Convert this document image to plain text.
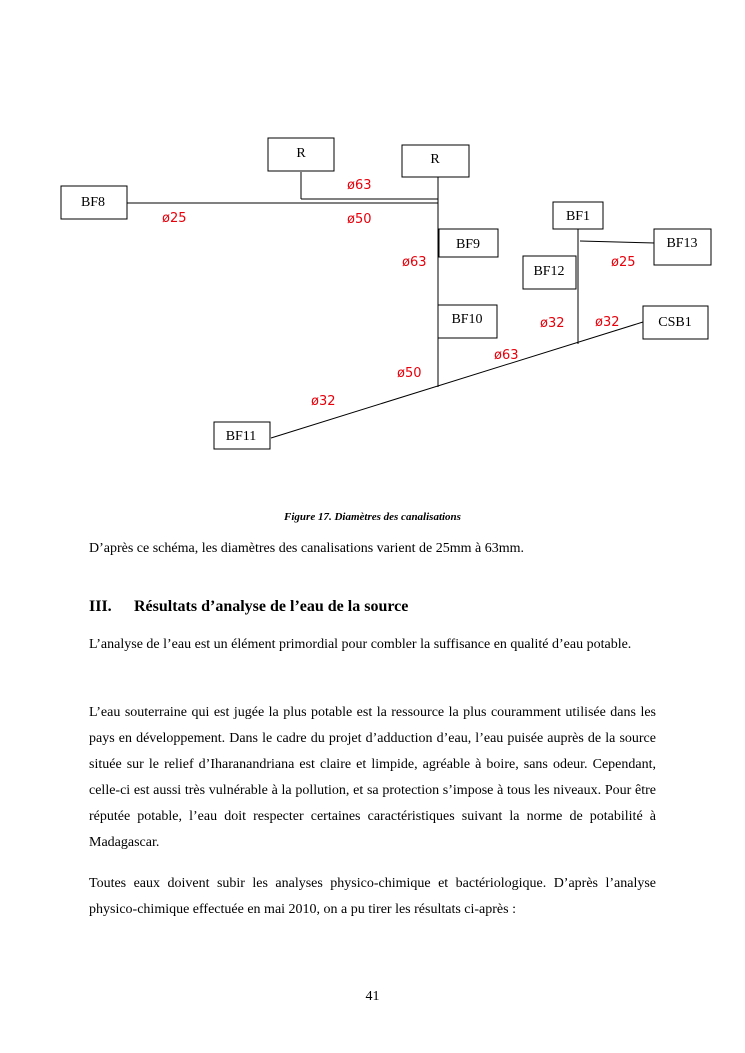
R	R
BF8
BF1
BF9	BF13
BF12
BF10	CSB1
BF11
ø63
ø25	ø50
ø63	ø25
ø32 ø32
ø63
ø50
ø32
Figure 17. Diamètres des canalisations
D’après ce schéma, les diamètres des canalisations varient de 25mm à 63mm.
III. Résultats d’analyse de l’eau de la source
L’analyse de l’eau est un élément primordial pour combler la suffisance en qualité d’eau potable.
L’eau souterraine qui est jugée la plus potable est la ressource la plus couramment utilisée dans les pays en développement. Dans le cadre du projet d’adduction d’eau, l’eau puisée auprès de la source située sur le relief d’Iharanandriana est claire et limpide, agréable à boire, sans odeur. Cependant, celle-ci est aussi très vulnérable à la pollution, et sa protection s’impose à tous les niveaux. Pour être réputée potable, l’eau doit respecter certaines caractéristiques suivant la norme de potabilité à Madagascar.
Toutes eaux doivent subir les analyses physico-chimique et bactériologique. D’après l’analyse physico-chimique effectuée en mai 2010, on a pu tirer les résultats ci-après :
41
